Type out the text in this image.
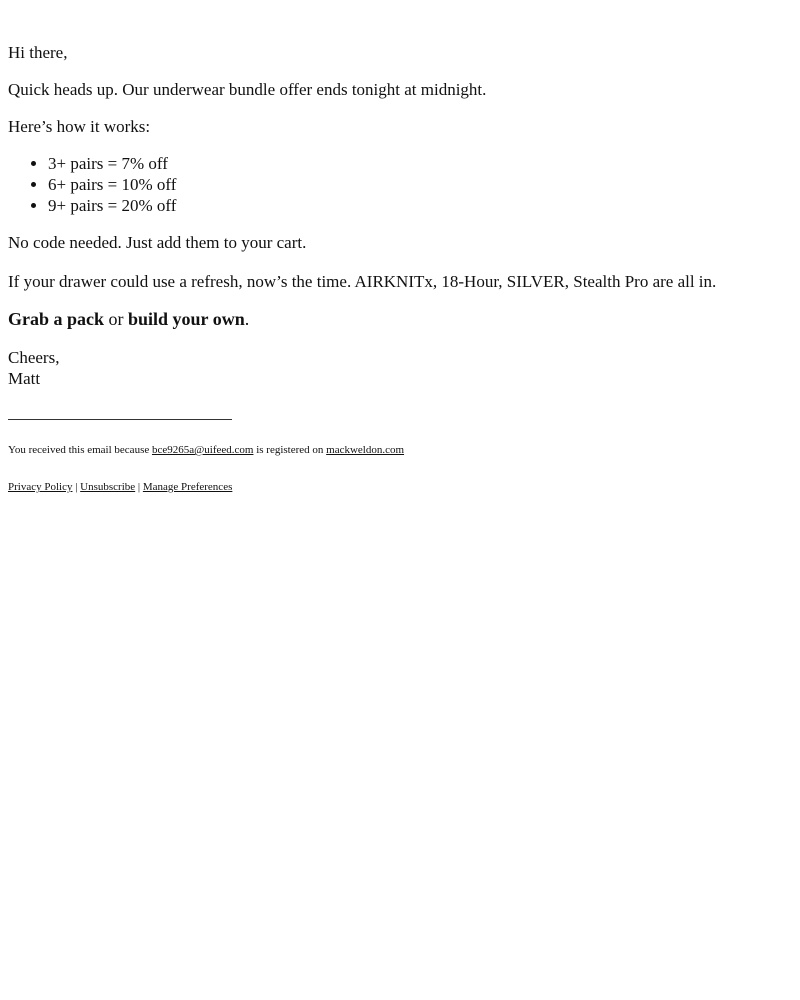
Hi there,

Quick heads up. Our underwear bundle offer ends tonight at midnight.

Here’s how it works:

• 3+ pairs = 7% off
• 6+ pairs = 10% off
• 9+ pairs = 20% off

No code needed. Just add them to your cart.

If your drawer could use a refresh, now’s the time. AIRKNITx, 18-Hour, SILVER, Stealth Pro are all in.

Grab a pack or build your own.

Cheers,
Matt

You received this email because bce9265a@uifeed.com is registered on mackweldon.com

Privacy Policy | Unsubscribe | Manage Preferences
